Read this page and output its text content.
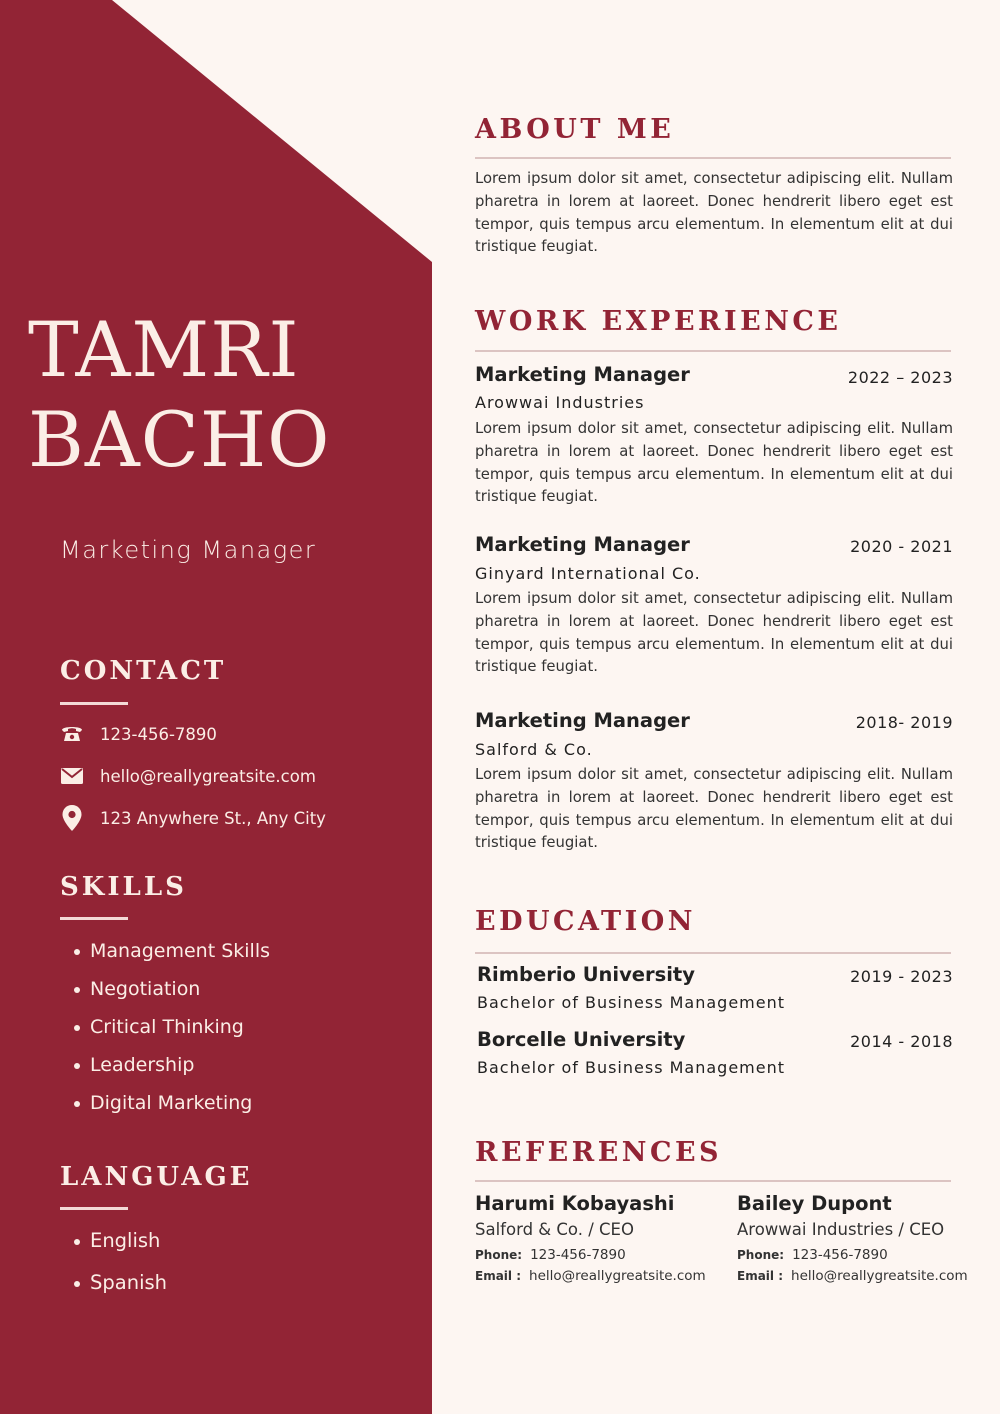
TAMRI
BACHO
Marketing Manager
CONTACT
123-456-7890
hello@reallygreatsite.com
123 Anywhere St., Any City
SKILLS
Management Skills
Negotiation
Critical Thinking
Leadership
Digital Marketing
LANGUAGE
English
Spanish
ABOUT ME
Lorem ipsum dolor sit amet, consectetur adipiscing elit. Nullam pharetra in lorem at laoreet. Donec hendrerit libero eget est tempor, quis tempus arcu elementum. In elementum elit at dui tristique feugiat.
WORK EXPERIENCE
Marketing Manager	2022 – 2023
Arowwai Industries
Lorem ipsum dolor sit amet, consectetur adipiscing elit. Nullam pharetra in lorem at laoreet. Donec hendrerit libero eget est tempor, quis tempus arcu elementum. In elementum elit at dui tristique feugiat.
Marketing Manager	2020 - 2021
Ginyard International Co.
Lorem ipsum dolor sit amet, consectetur adipiscing elit. Nullam pharetra in lorem at laoreet. Donec hendrerit libero eget est tempor, quis tempus arcu elementum. In elementum elit at dui tristique feugiat.
Marketing Manager	2018- 2019
Salford & Co.
Lorem ipsum dolor sit amet, consectetur adipiscing elit. Nullam pharetra in lorem at laoreet. Donec hendrerit libero eget est tempor, quis tempus arcu elementum. In elementum elit at dui tristique feugiat.
EDUCATION
Rimberio University	2019 - 2023
Bachelor of Business Management
Borcelle University	2014 - 2018
Bachelor of Business Management
REFERENCES
Harumi Kobayashi
Salford & Co. / CEO
Phone: 123-456-7890
Email : hello@reallygreatsite.com
Bailey Dupont
Arowwai Industries / CEO
Phone: 123-456-7890
Email : hello@reallygreatsite.com
